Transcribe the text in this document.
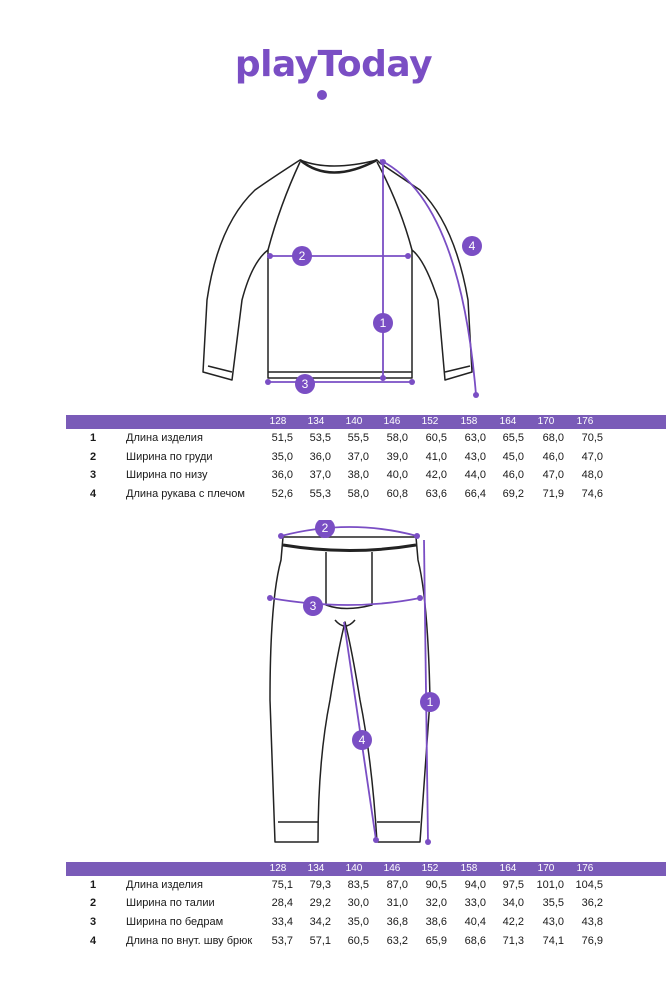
playToday
2
1
3
4
128	134	140	146	152	158	164	170	176
1	Длина изделия	51,5	53,5	55,5	58,0	60,5	63,0	65,5	68,0	70,5
2	Ширина по груди	35,0	36,0	37,0	39,0	41,0	43,0	45,0	46,0	47,0
3	Ширина по низу	36,0	37,0	38,0	40,0	42,0	44,0	46,0	47,0	48,0
4	Длина рукава с плечом	52,6	55,3	58,0	60,8	63,6	66,4	69,2	71,9	74,6
2
3
1
4
128	134	140	146	152	158	164	170	176
1	Длина изделия	75,1	79,3	83,5	87,0	90,5	94,0	97,5	101,0	104,5
2	Ширина по талии	28,4	29,2	30,0	31,0	32,0	33,0	34,0	35,5	36,2
3	Ширина по бедрам	33,4	34,2	35,0	36,8	38,6	40,4	42,2	43,0	43,8
4	Длина по внут. шву брюк	53,7	57,1	60,5	63,2	65,9	68,6	71,3	74,1	76,9
